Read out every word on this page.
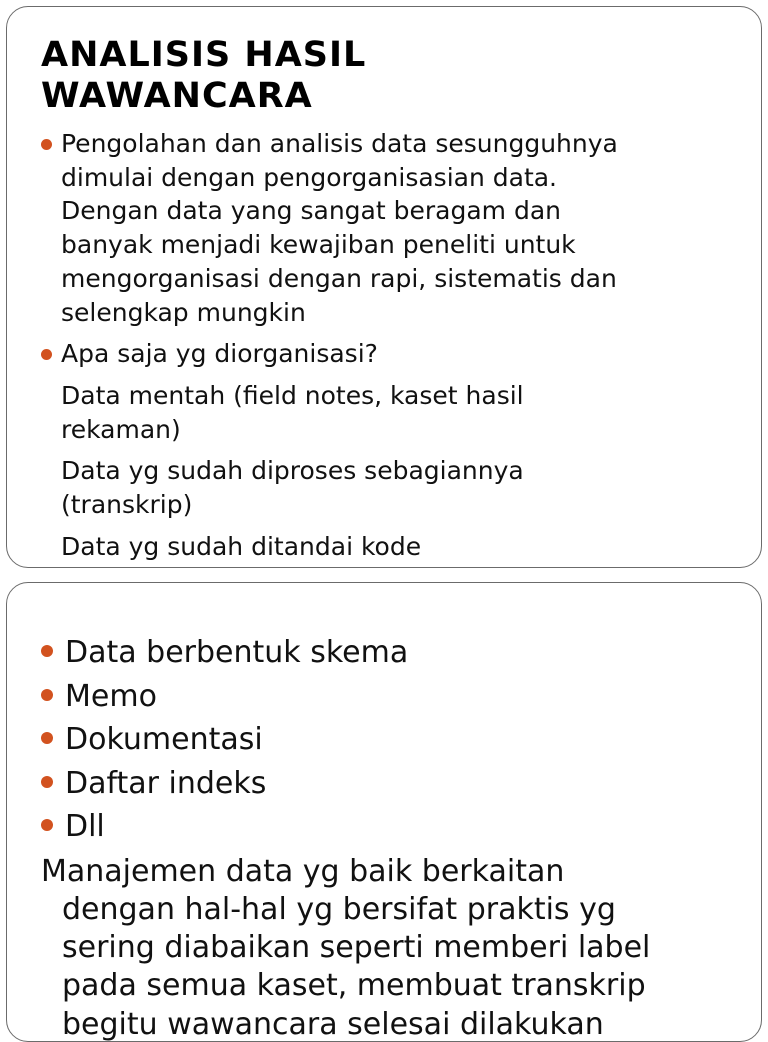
ANALISIS HASIL
WAWANCARA
Pengolahan dan analisis data sesungguhnya
dimulai dengan pengorganisasian data.
Dengan data yang sangat beragam dan
banyak menjadi kewajiban peneliti untuk
mengorganisasi dengan rapi, sistematis dan
selengkap mungkin
Apa saja yg diorganisasi?
Data mentah (field notes, kaset hasil
rekaman)
Data yg sudah diproses sebagiannya
(transkrip)
Data yg sudah ditandai kode
Data berbentuk skema
Memo
Dokumentasi
Daftar indeks
Dll
Manajemen data yg baik berkaitan
dengan hal-hal yg bersifat praktis yg
sering diabaikan seperti memberi label
pada semua kaset, membuat transkrip
begitu wawancara selesai dilakukan
